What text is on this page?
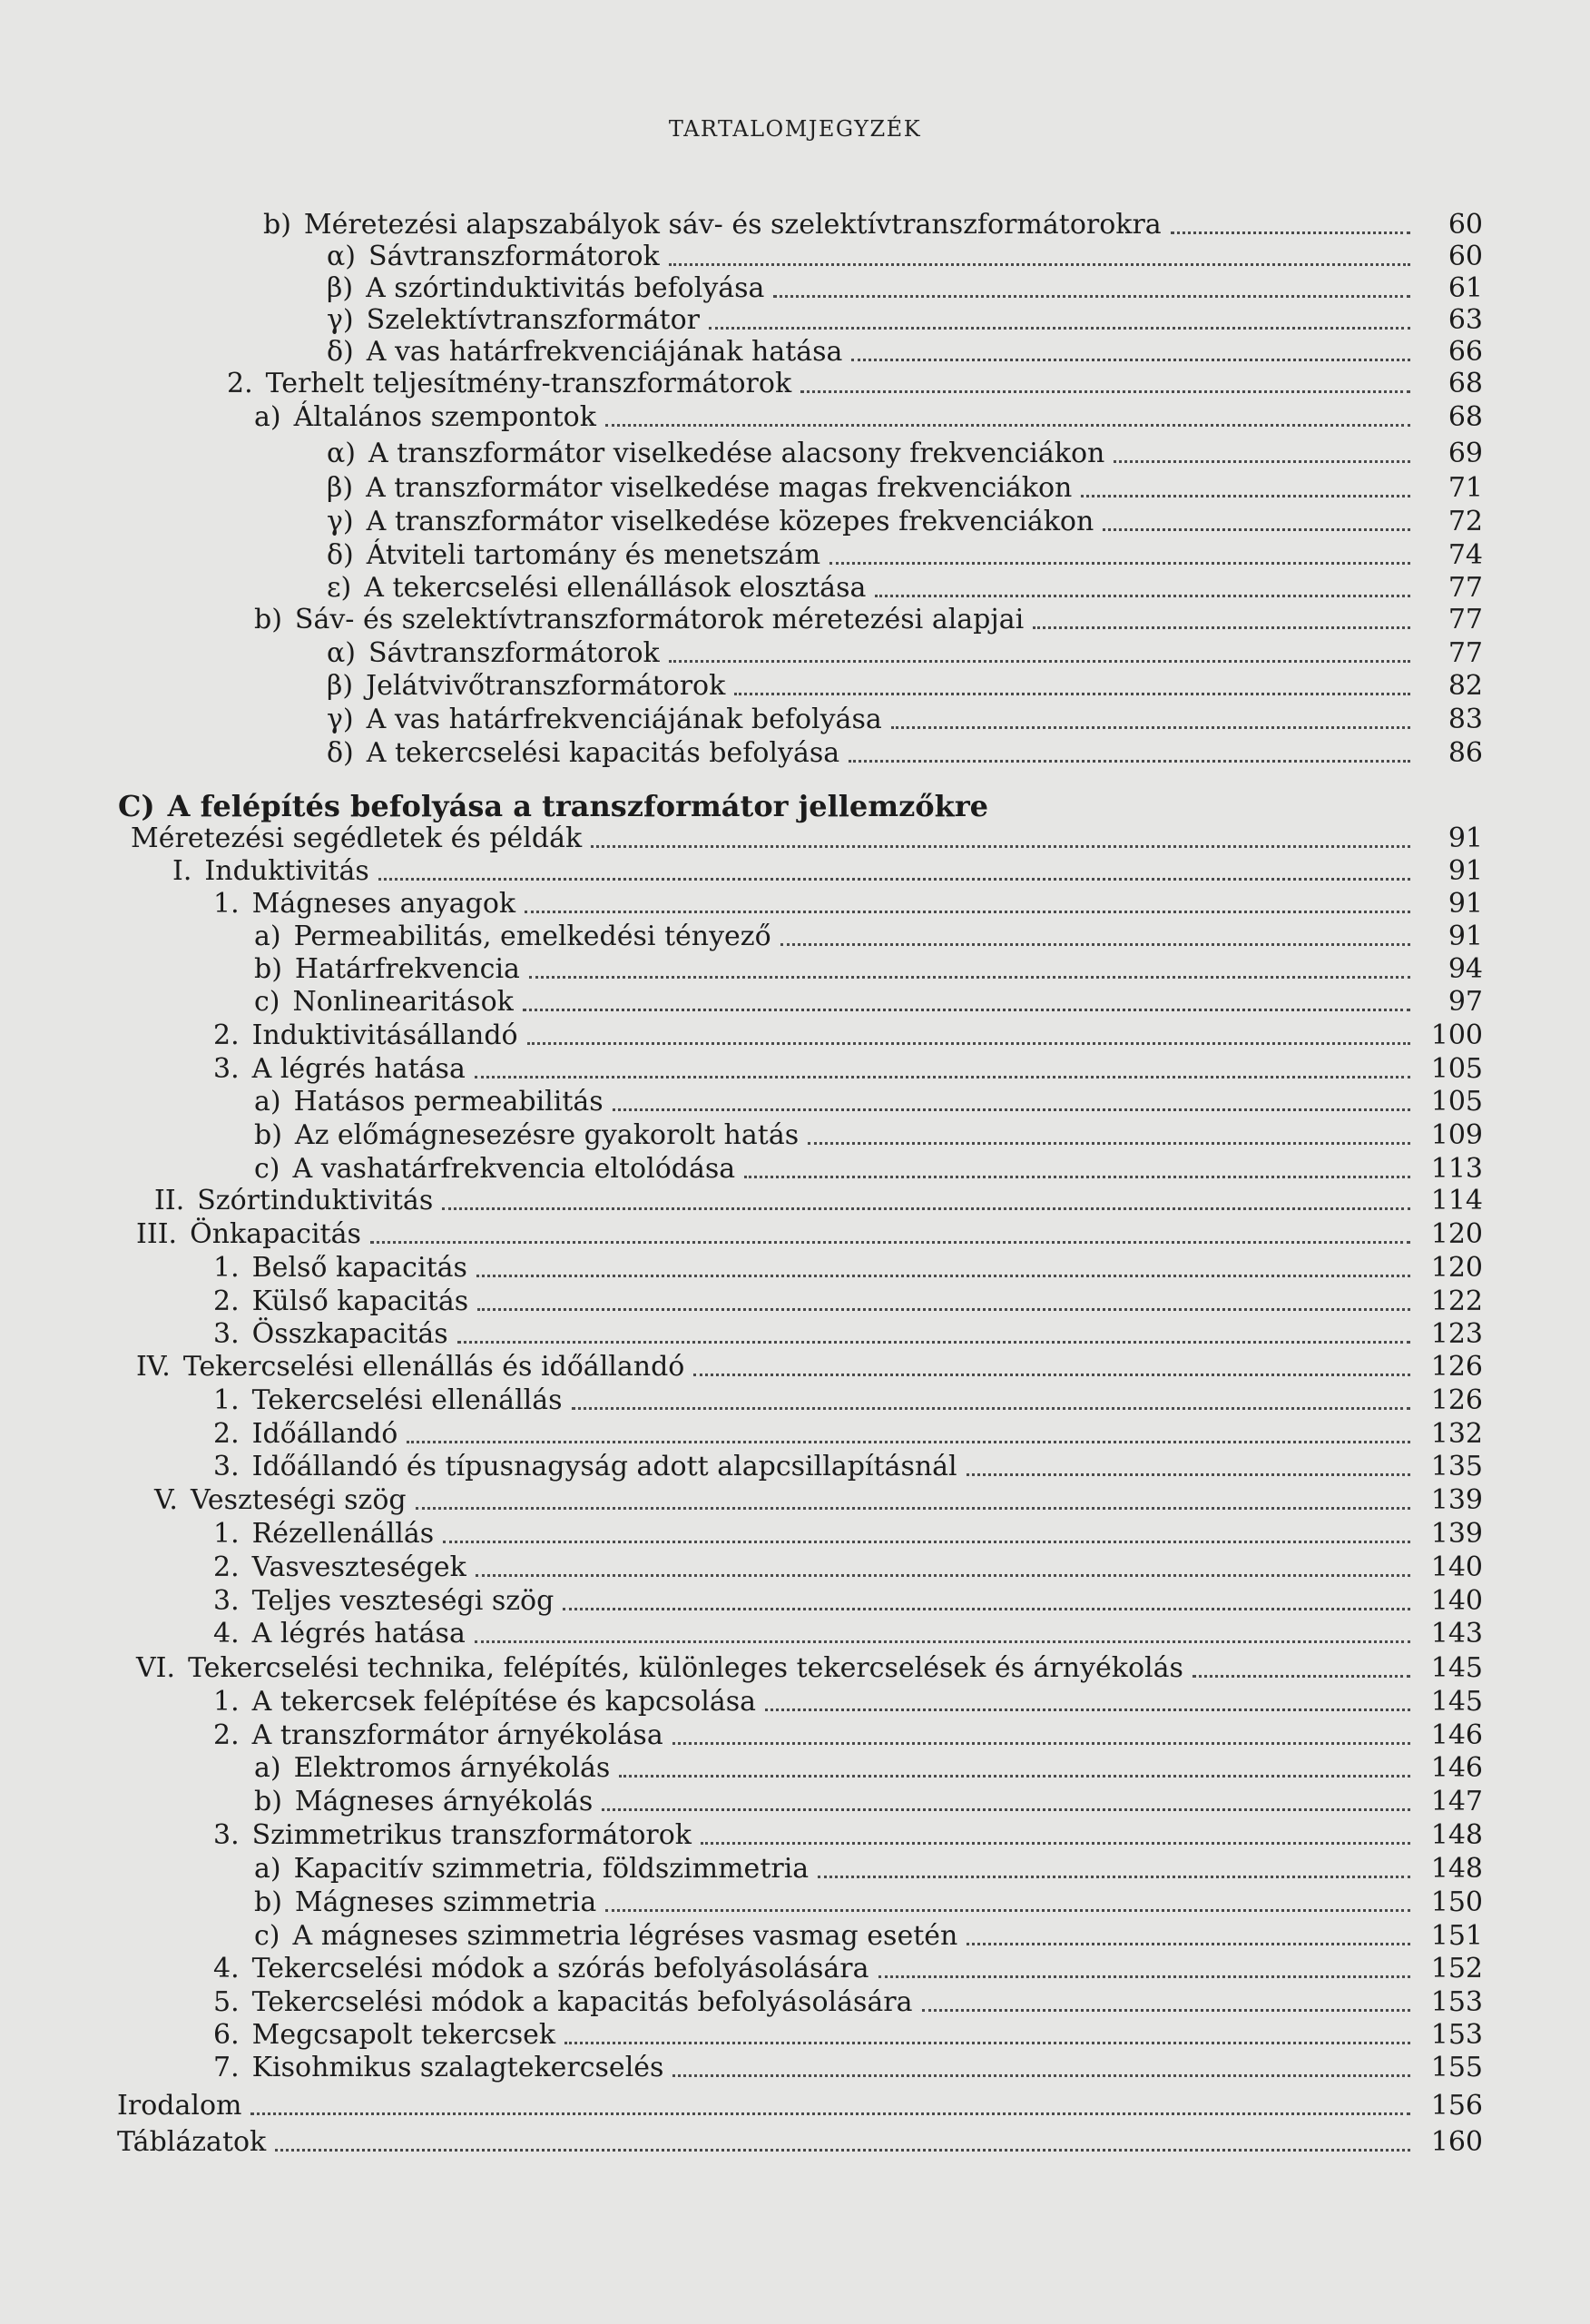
TARTALOMJEGYZÉK
b) Méretezési alapszabályok sáv- és szelektívtranszformátorokra	60
α) Sávtranszformátorok	60
β) A szórtinduktivitás befolyása	61
γ) Szelektívtranszformátor	63
δ) A vas határfrekvenciájának hatása	66
2. Terhelt teljesítmény-transzformátorok	68
a) Általános szempontok	68
α) A transzformátor viselkedése alacsony frekvenciákon	69
β) A transzformátor viselkedése magas frekvenciákon	71
γ) A transzformátor viselkedése közepes frekvenciákon	72
δ) Átviteli tartomány és menetszám	74
ε) A tekercselési ellenállások elosztása	77
b) Sáv- és szelektívtranszformátorok méretezési alapjai	77
α) Sávtranszformátorok	77
β) Jelátvivőtranszformátorok	82
γ) A vas határfrekvenciájának befolyása	83
δ) A tekercselési kapacitás befolyása	86
C) A felépítés befolyása a transzformátor jellemzőkre
Méretezési segédletek és példák	91
I. Induktivitás	91
1. Mágneses anyagok	91
a) Permeabilitás, emelkedési tényező	91
b) Határfrekvencia	94
c) Nonlinearitások	97
2. Induktivitásállandó	100
3. A légrés hatása	105
a) Hatásos permeabilitás	105
b) Az előmágnesezésre gyakorolt hatás	109
c) A vashatárfrekvencia eltolódása	113
II. Szórtinduktivitás	114
III. Önkapacitás	120
1. Belső kapacitás	120
2. Külső kapacitás	122
3. Összkapacitás	123
IV. Tekercselési ellenállás és időállandó	126
1. Tekercselési ellenállás	126
2. Időállandó	132
3. Időállandó és típusnagyság adott alapcsillapításnál	135
V. Veszteségi szög	139
1. Rézellenállás	139
2. Vasveszteségek	140
3. Teljes veszteségi szög	140
4. A légrés hatása	143
VI. Tekercselési technika, felépítés, különleges tekercselések és árnyékolás	145
1. A tekercsek felépítése és kapcsolása	145
2. A transzformátor árnyékolása	146
a) Elektromos árnyékolás	146
b) Mágneses árnyékolás	147
3. Szimmetrikus transzformátorok	148
a) Kapacitív szimmetria, földszimmetria	148
b) Mágneses szimmetria	150
c) A mágneses szimmetria légréses vasmag esetén	151
4. Tekercselési módok a szórás befolyásolására	152
5. Tekercselési módok a kapacitás befolyásolására	153
6. Megcsapolt tekercsek	153
7. Kisohmikus szalagtekercselés	155
Irodalom	156
Táblázatok	160
